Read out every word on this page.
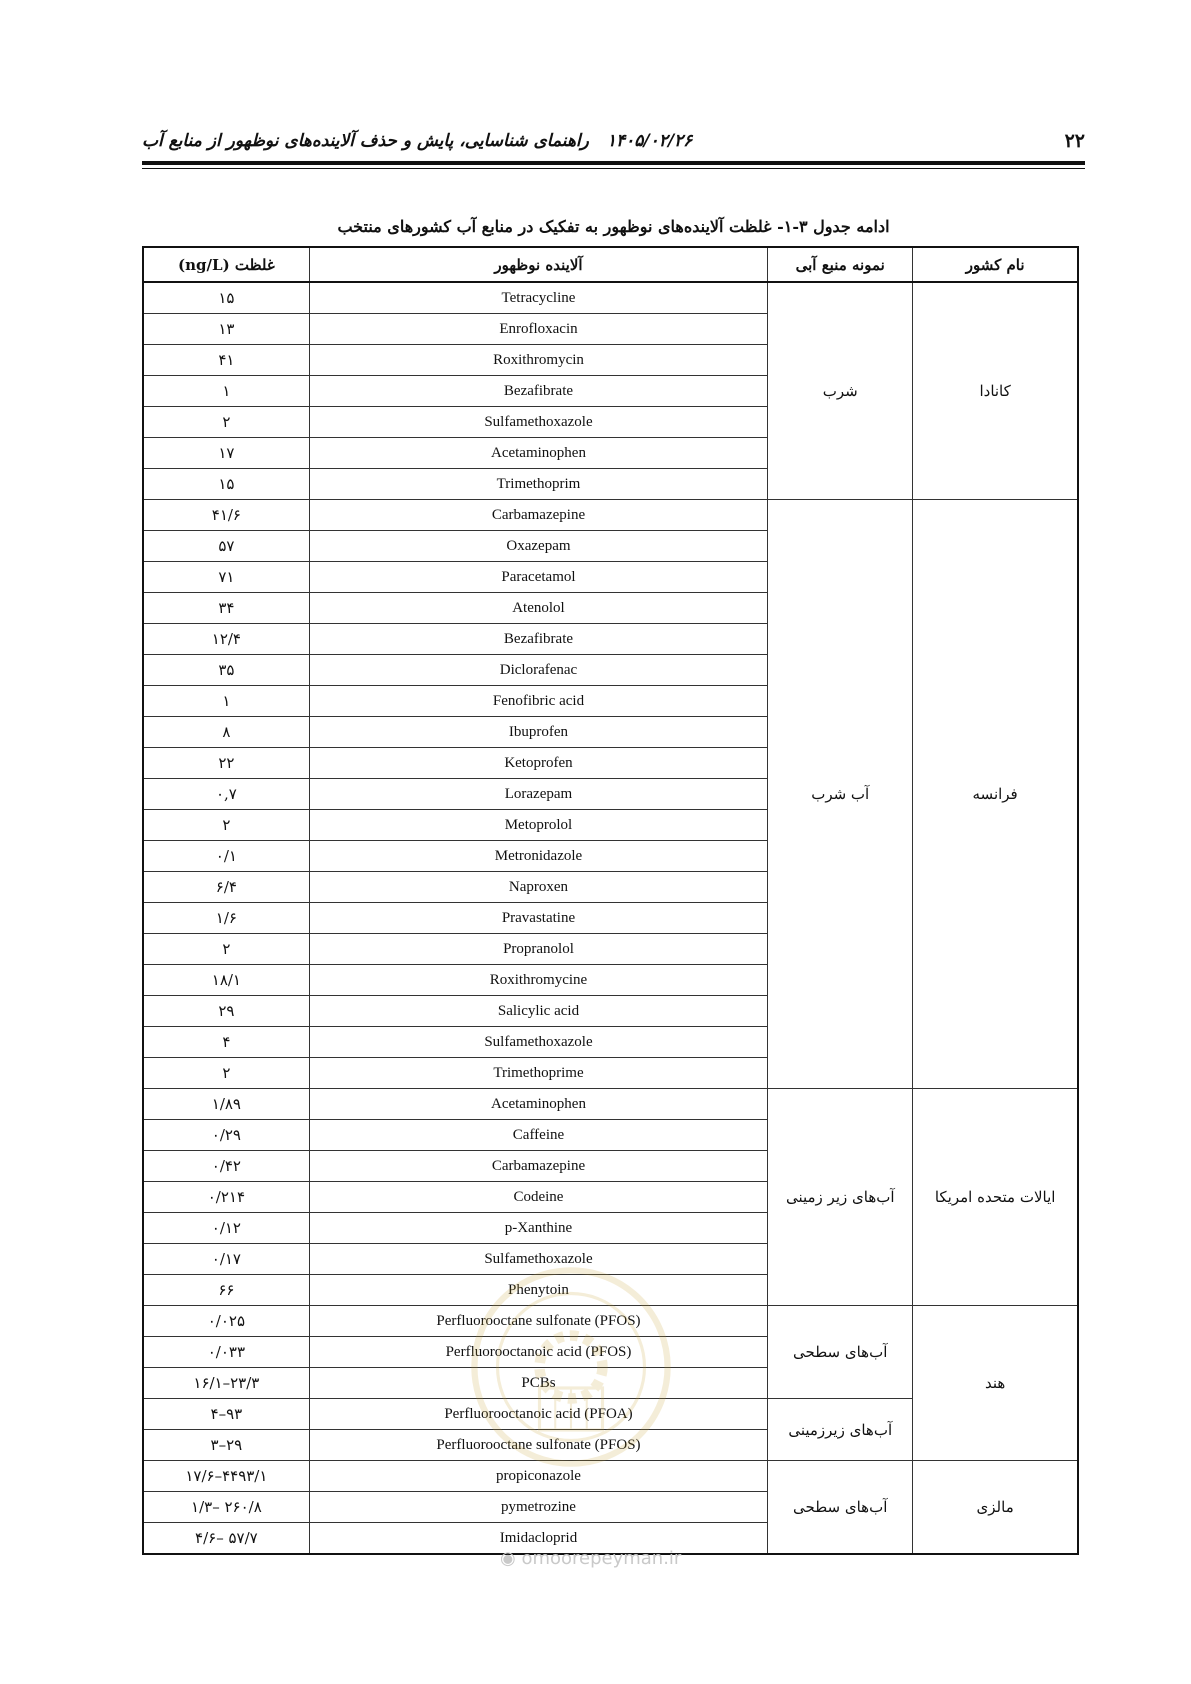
۲۲
۱۴۰۵/۰۲/۲۶راهنمای شناسایی، پایش و حذف آلاینده‌های نوظهور از منابع آب
ادامه جدول ۳-۱- غلظت آلاینده‌های نوظهور به تفکیک در منابع آب کشورهای منتخب
نام کشور	نمونه منبع آبی	آلاینده نوظهور	غلظت (ng/L)
کانادا	شرب	Tetracycline	۱۵
		Enrofloxacin	۱۳
		Roxithromycin	۴۱
		Bezafibrate	۱
		Sulfamethoxazole	۲
		Acetaminophen	۱۷
		Trimethoprim	۱۵
فرانسه	آب شرب	Carbamazepine	۴۱/۶
		Oxazepam	۵۷
		Paracetamol	۷۱
		Atenolol	۳۴
		Bezafibrate	۱۲/۴
		Diclorafenac	۳۵
		Fenofibric acid	۱
		Ibuprofen	۸
		Ketoprofen	۲۲
		Lorazepam	۰,۷
		Metoprolol	۲
		Metronidazole	۰/۱
		Naproxen	۶/۴
		Pravastatine	۱/۶
		Propranolol	۲
		Roxithromycine	۱۸/۱
		Salicylic acid	۲۹
		Sulfamethoxazole	۴
		Trimethoprime	۲
ایالات متحده امریکا	آب‌های زیر زمینی	Acetaminophen	۱/۸۹
		Caffeine	۰/۲۹
		Carbamazepine	۰/۴۲
		Codeine	۰/۲۱۴
		p-Xanthine	۰/۱۲
		Sulfamethoxazole	۰/۱۷
		Phenytoin	۶۶
هند	آب‌های سطحی	Perfluorooctane sulfonate (PFOS)	۰/۰۲۵
		Perfluorooctanoic acid (PFOS)	۰/۰۳۳
		PCBs	۲۳/۳–۱۶/۱
	آب‌های زیرزمینی	Perfluorooctanoic acid (PFOA)	۹۳–۴
		Perfluorooctane sulfonate (PFOS)	۲۹–۳
مالزی	آب‌های سطحی	propiconazole	۴۴۹۳/۱–۱۷/۶
		pymetrozine	۲۶۰/۸ –۱/۳
		Imidacloprid	۵۷/۷ –۴/۶
◉ omoorepeyman.ir
